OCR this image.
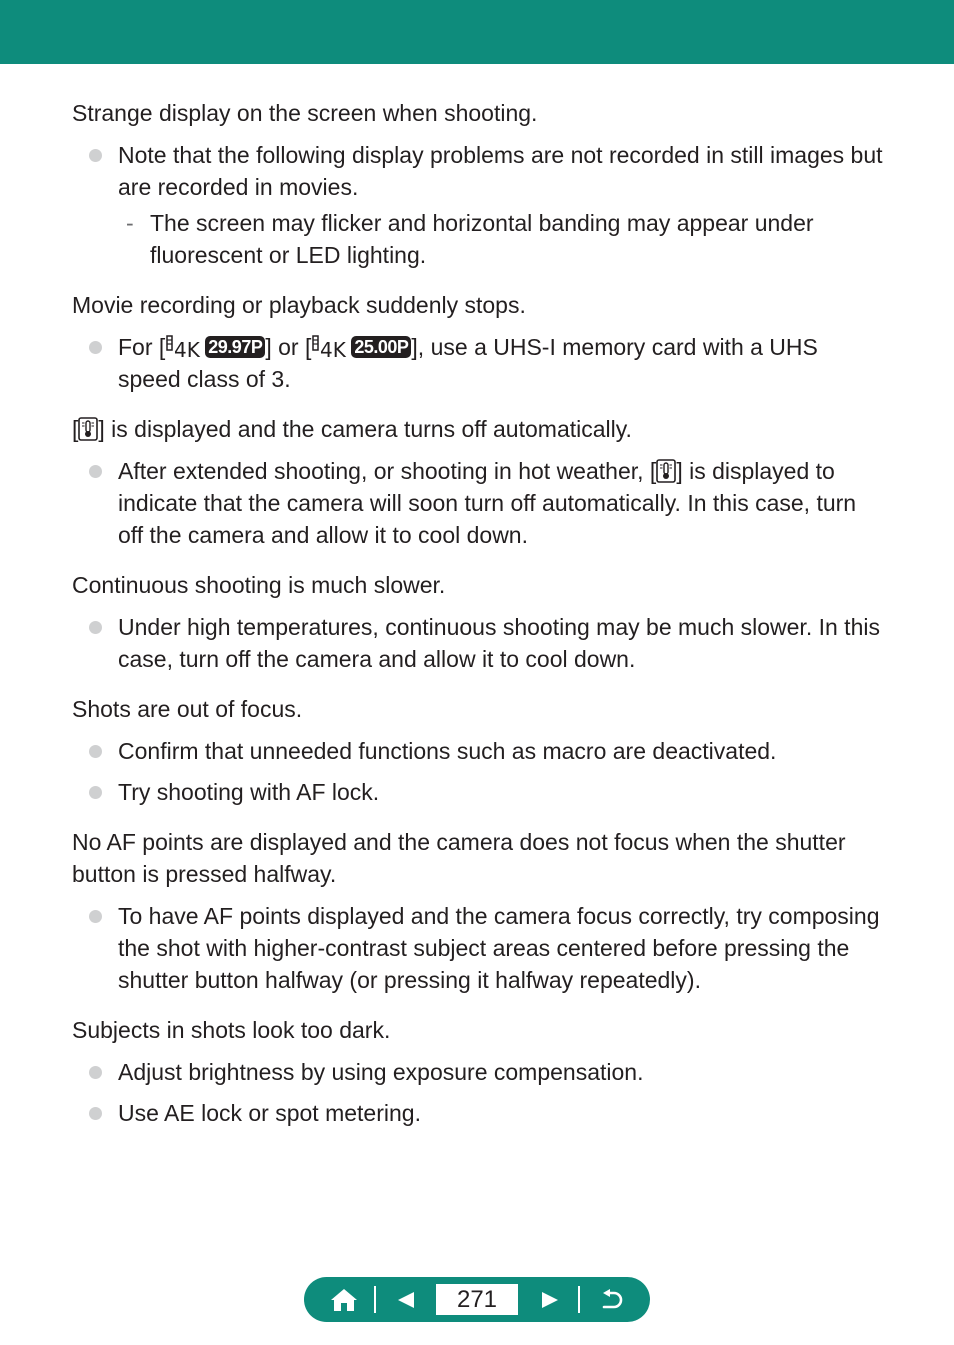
Strange display on the screen when shooting.
Note that the following display problems are not recorded in still images but are recorded in movies.
- The screen may flicker and horizontal banding may appear under fluorescent or LED lighting.
Movie recording or playback suddenly stops.
For [ 4K 29.97P ] or [ 4K 25.00P ], use a UHS-I memory card with a UHS speed class of 3.
[ ] is displayed and the camera turns off automatically.
After extended shooting, or shooting in hot weather, [ ] is displayed to indicate that the camera will soon turn off automatically. In this case, turn off the camera and allow it to cool down.
Continuous shooting is much slower.
Under high temperatures, continuous shooting may be much slower. In this case, turn off the camera and allow it to cool down.
Shots are out of focus.
Confirm that unneeded functions such as macro are deactivated.
Try shooting with AF lock.
No AF points are displayed and the camera does not focus when the shutter button is pressed halfway.
To have AF points displayed and the camera focus correctly, try composing the shot with higher-contrast subject areas centered before pressing the shutter button halfway (or pressing it halfway repeatedly).
Subjects in shots look too dark.
Adjust brightness by using exposure compensation.
Use AE lock or spot metering.
271
